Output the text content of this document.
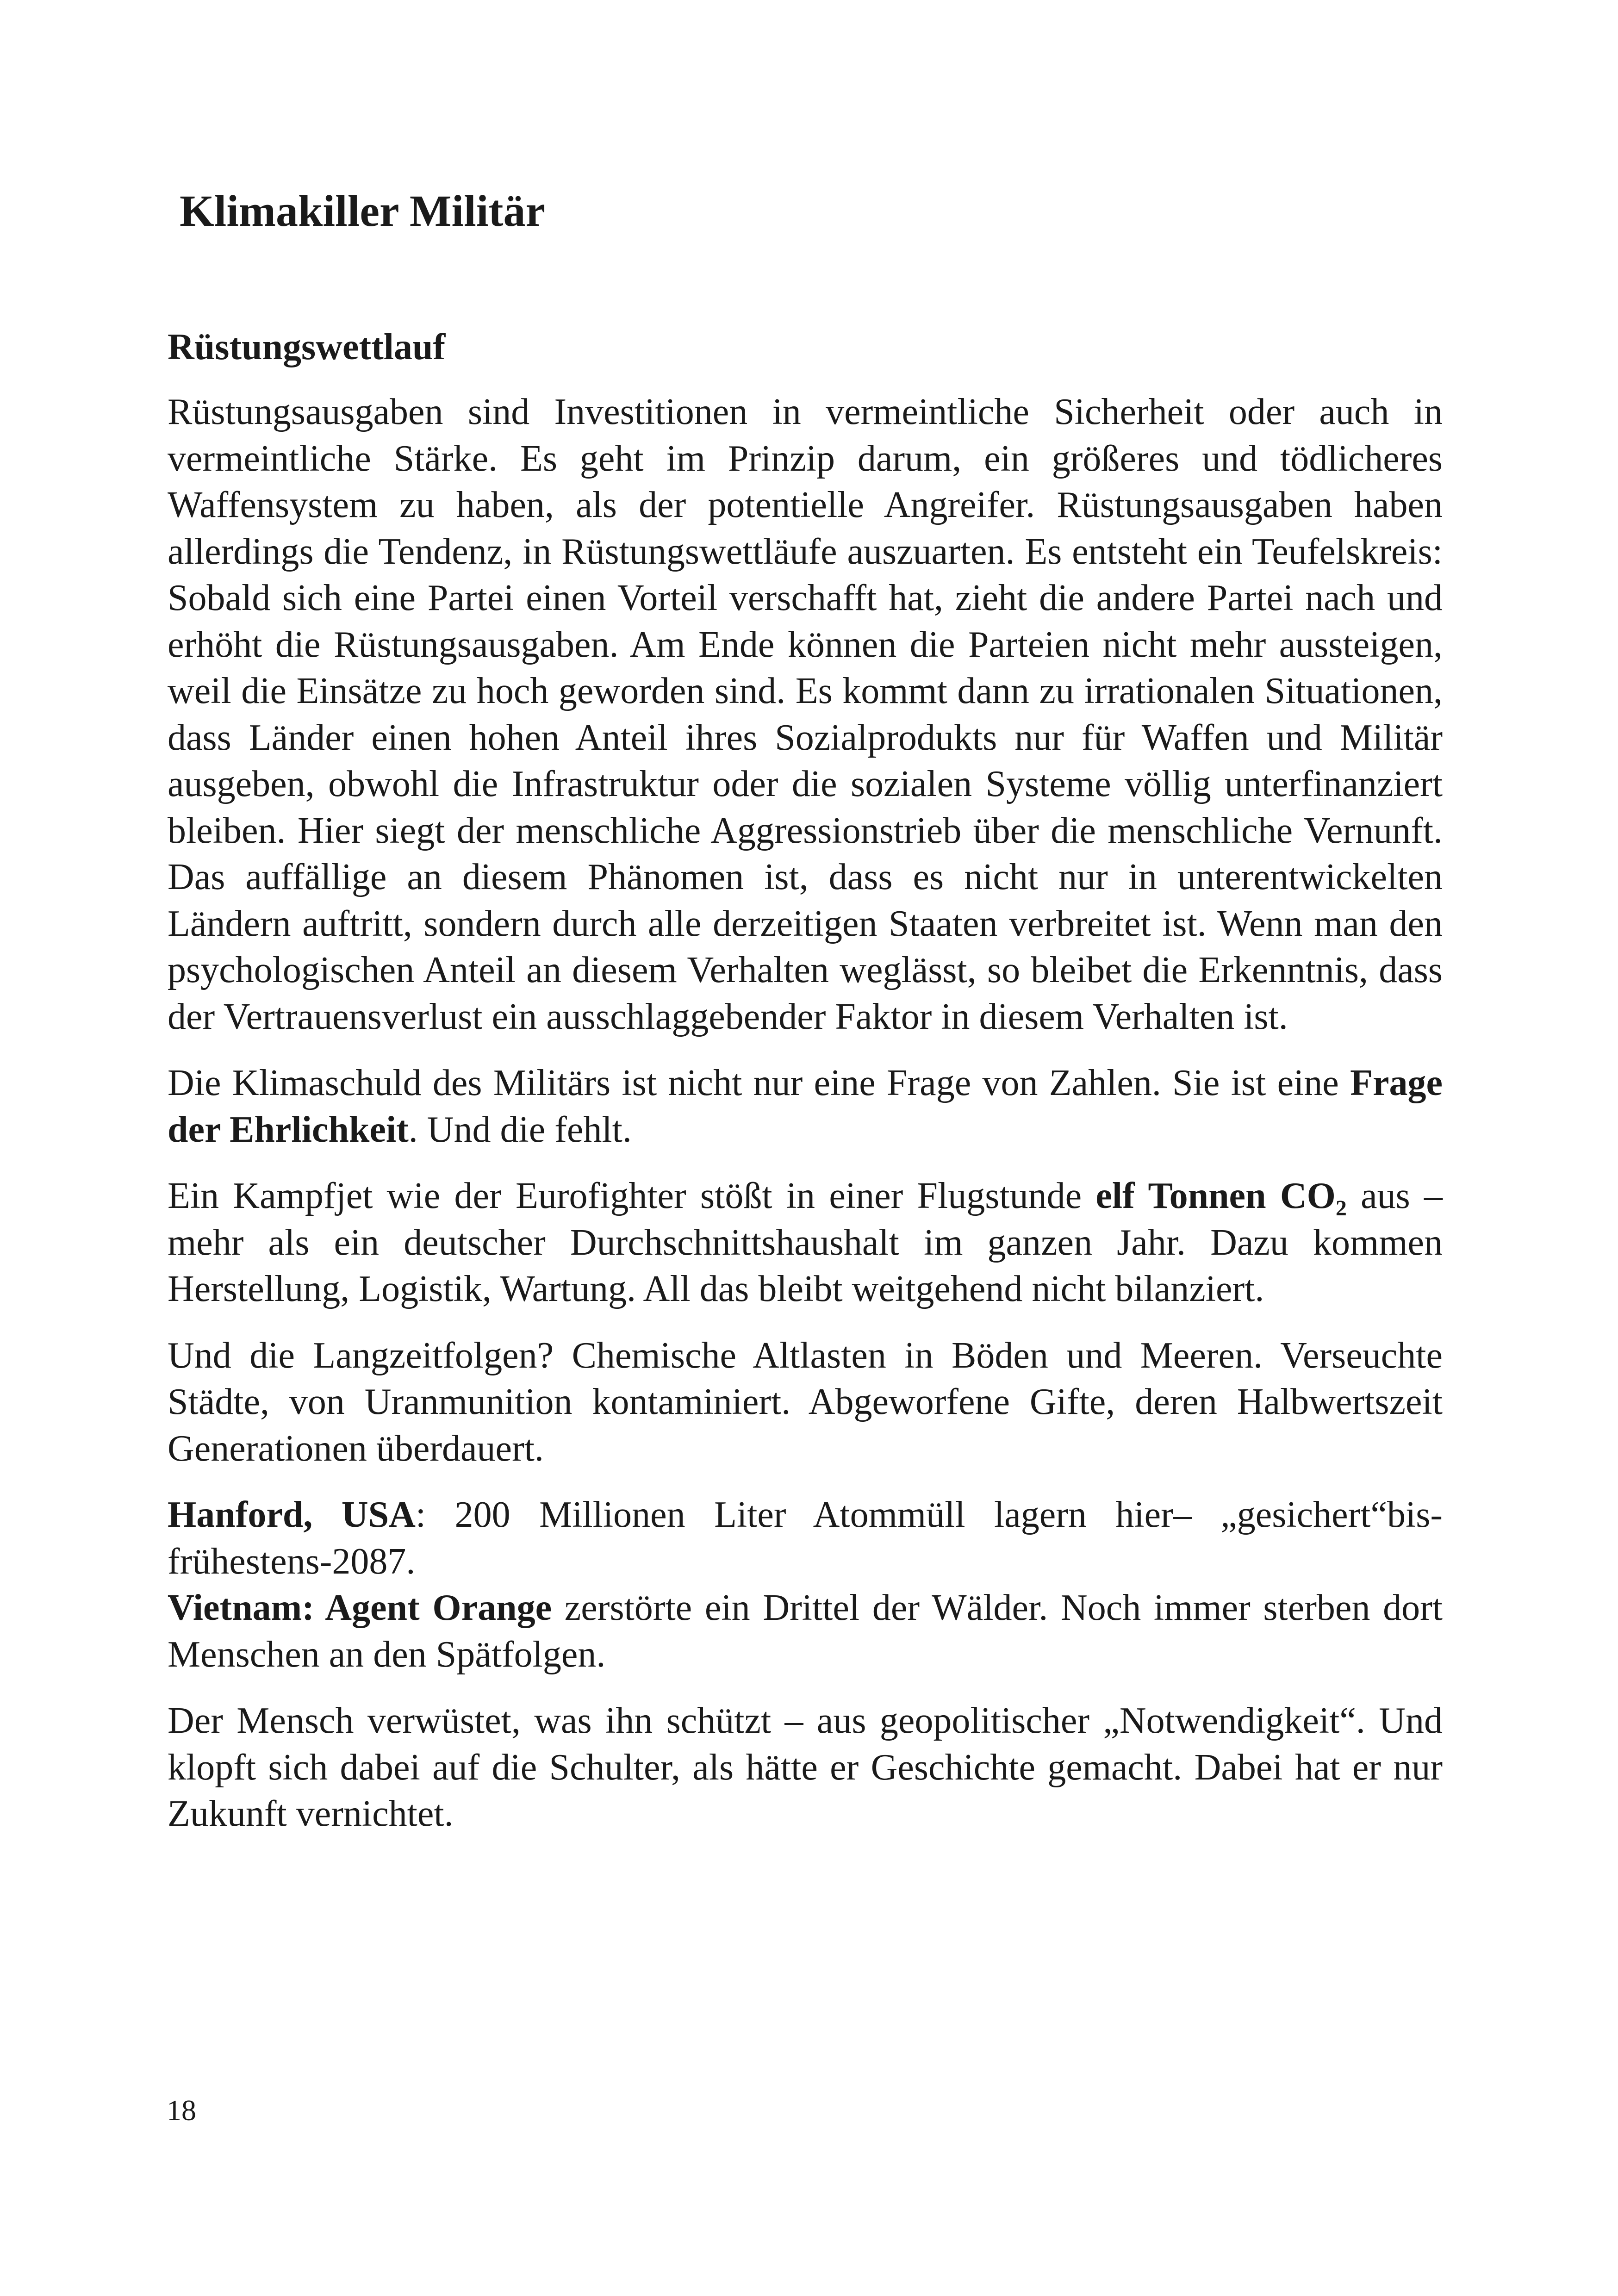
Klimakiller Militär
Rüstungswettlauf

Rüstungsausgaben sind Investitionen in vermeintliche Sicherheit oder auch in vermeintliche Stärke. Es geht im Prinzip darum, ein größeres und tödlicheres Waffensystem zu haben, als der potentielle Angreifer. Rüstungsausgaben haben allerdings die Tendenz, in Rüstungswettläufe auszuarten. Es entsteht ein Teufelskreis: Sobald sich eine Partei einen Vorteil verschafft hat, zieht die andere Partei nach und erhöht die Rüstungsausgaben. Am Ende können die Parteien nicht mehr aussteigen, weil die Einsätze zu hoch geworden sind. Es kommt dann zu irrationalen Situationen, dass Länder einen hohen Anteil ihres Sozialprodukts nur für Waffen und Militär ausgeben, obwohl die Infrastruktur oder die sozialen Systeme völlig unterfinanziert bleiben. Hier siegt der menschliche Aggressionstrieb über die menschliche Vernunft. Das auffällige an diesem Phänomen ist, dass es nicht nur in unterentwickelten Ländern auftritt, sondern durch alle derzeitigen Staaten verbreitet ist. Wenn man den psychologischen Anteil an diesem Verhalten weglässt, so bleibet die Erkenntnis, dass der Vertrauensverlust ein ausschlaggebender Faktor in diesem Verhalten ist.

Die Klimaschuld des Militärs ist nicht nur eine Frage von Zahlen. Sie ist eine Frage der Ehrlichkeit. Und die fehlt.

Ein Kampfjet wie der Eurofighter stößt in einer Flugstunde elf Tonnen CO₂ aus – mehr als ein deutscher Durchschnittshaushalt im ganzen Jahr. Dazu kommen Herstellung, Logistik, Wartung. All das bleibt weitgehend nicht bilanziert.

Und die Langzeitfolgen? Chemische Altlasten in Böden und Meeren. Verseuchte Städte, von Uranmunition kontaminiert. Abgeworfene Gifte, deren Halbwertszeit Generationen überdauert.

Hanford, USA: 200 Millionen Liter Atommüll lagern hier– „gesichert“bis-frühestens-2087.

Vietnam: Agent Orange zerstörte ein Drittel der Wälder. Noch immer sterben dort Menschen an den Spätfolgen.

Der Mensch verwüstet, was ihn schützt – aus geopolitischer „Notwendigkeit“. Und klopft sich dabei auf die Schulter, als hätte er Geschichte gemacht. Dabei hat er nur Zukunft vernichtet.

18
